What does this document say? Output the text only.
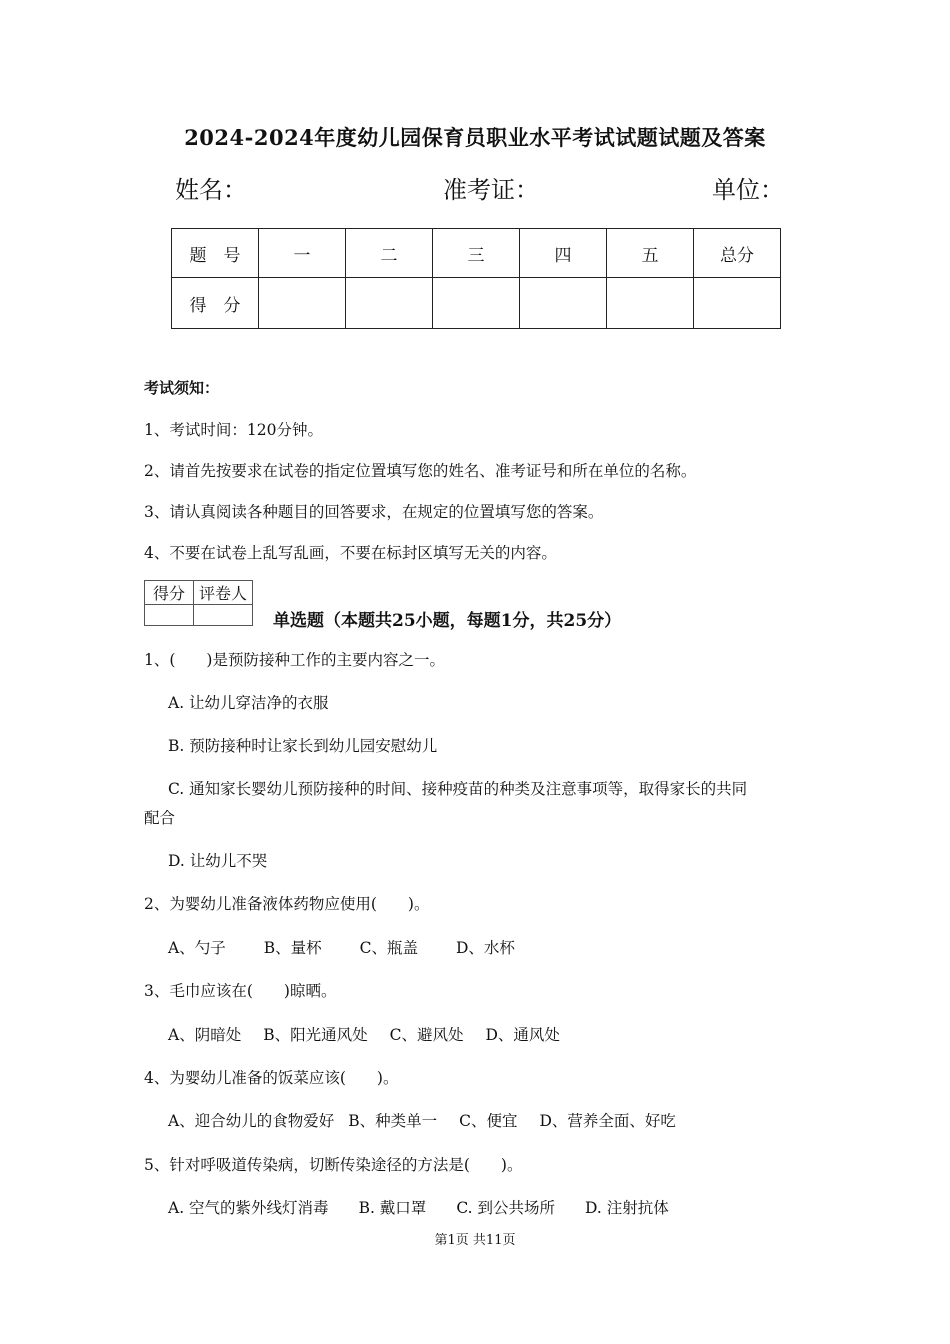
2024-2024年度幼儿园保育员职业水平考试试题试题及答案
姓名：	准考证：	单位：
题　号	一	二	三	四	五	总分
得　分						
考试须知：
1、考试时间：120分钟。
2、请首先按要求在试卷的指定位置填写您的姓名、准考证号和所在单位的名称。
3、请认真阅读各种题目的回答要求，在规定的位置填写您的答案。
4、不要在试卷上乱写乱画，不要在标封区填写无关的内容。
得分	评卷人

单选题（本题共25小题，每题1分，共25分）
1、(　　)是预防接种工作的主要内容之一。
A. 让幼儿穿洁净的衣服
B. 预防接种时让家长到幼儿园安慰幼儿
C. 通知家长婴幼儿预防接种的时间、接种疫苗的种类及注意事项等，取得家长的共同
配合
D. 让幼儿不哭
2、为婴幼儿准备液体药物应使用(　　)。
A、勺子 B、量杯 C、瓶盖 D、水杯
3、毛巾应该在(　　)晾晒。
A、阴暗处 B、阳光通风处 C、避风处 D、通风处
4、为婴幼儿准备的饭菜应该(　　)。
A、迎合幼儿的食物爱好 B、种类单一 C、便宜 D、营养全面、好吃
5、针对呼吸道传染病，切断传染途径的方法是(　　)。
A. 空气的紫外线灯消毒 B. 戴口罩 C. 到公共场所 D. 注射抗体
第1页 共11页
